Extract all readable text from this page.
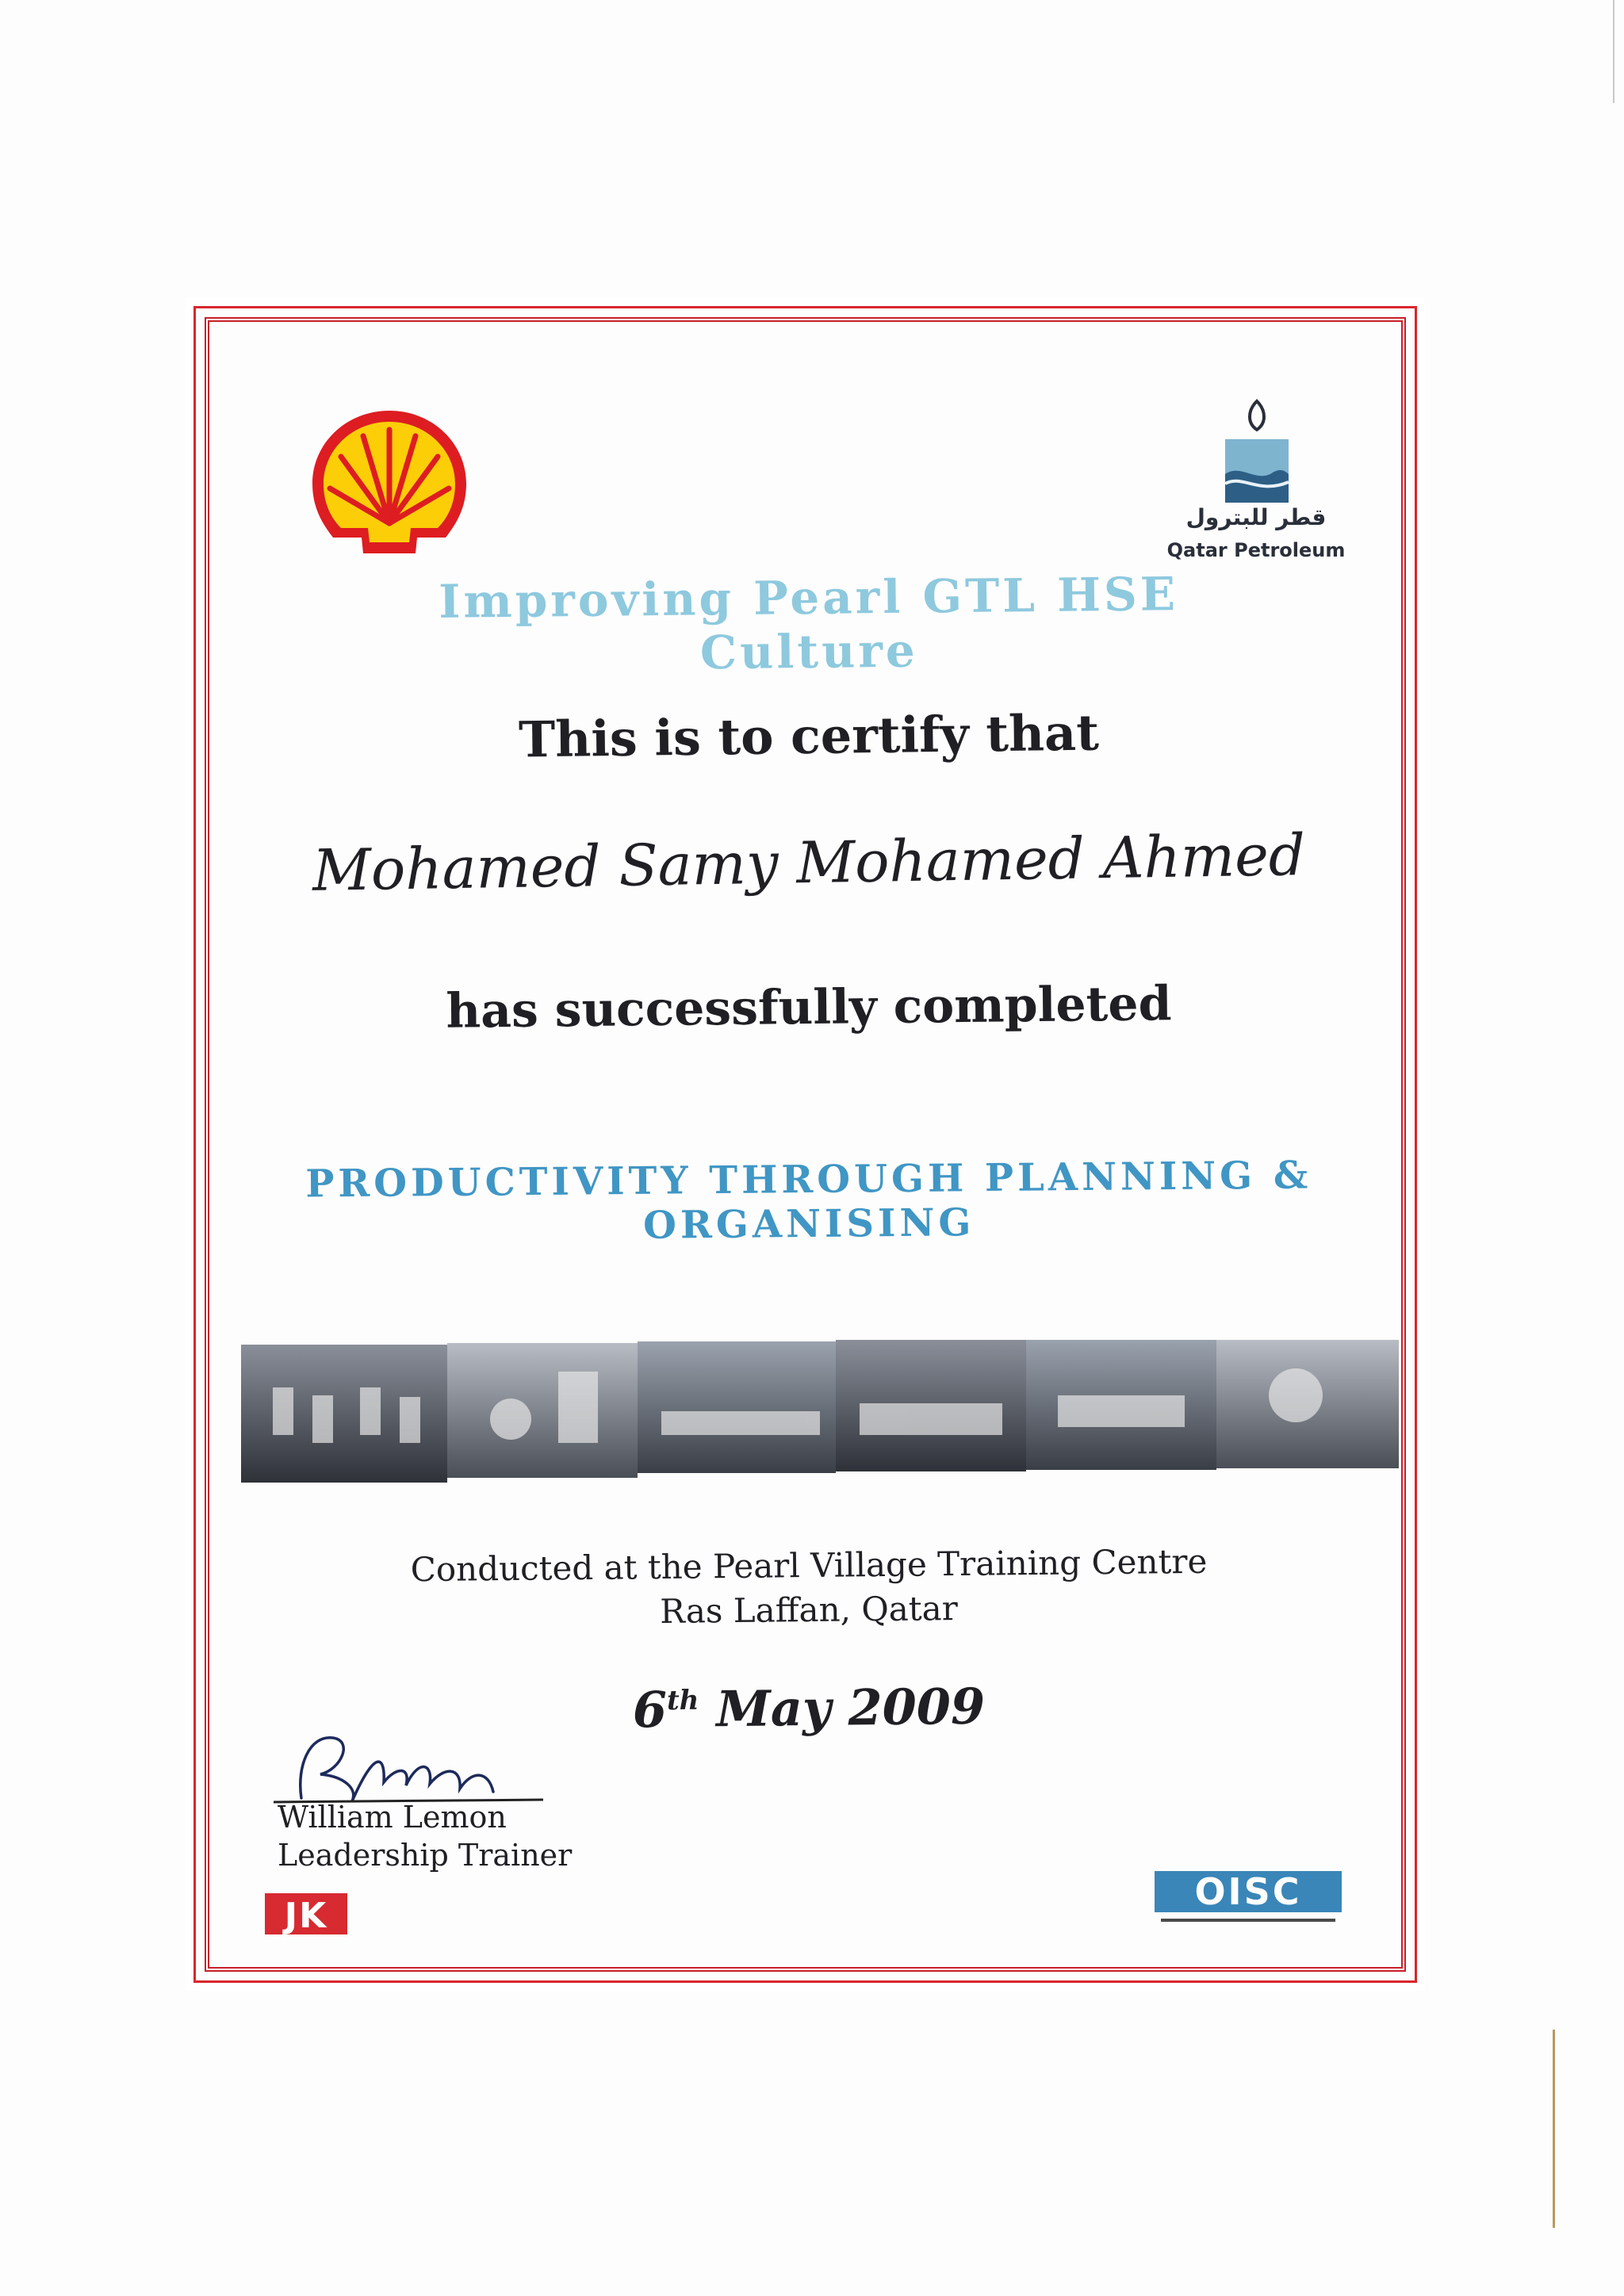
قطر للبترول
Qatar Petroleum
Improving Pearl GTL HSE Culture
This is to certify that
Mohamed Samy Mohamed Ahmed
has successfully completed
PRODUCTIVITY THROUGH PLANNING & ORGANISING
Conducted at the Pearl Village Training Centre
Ras Laffan, Qatar
6th May 2009
William Lemon
Leadership Trainer
JK
OISC
